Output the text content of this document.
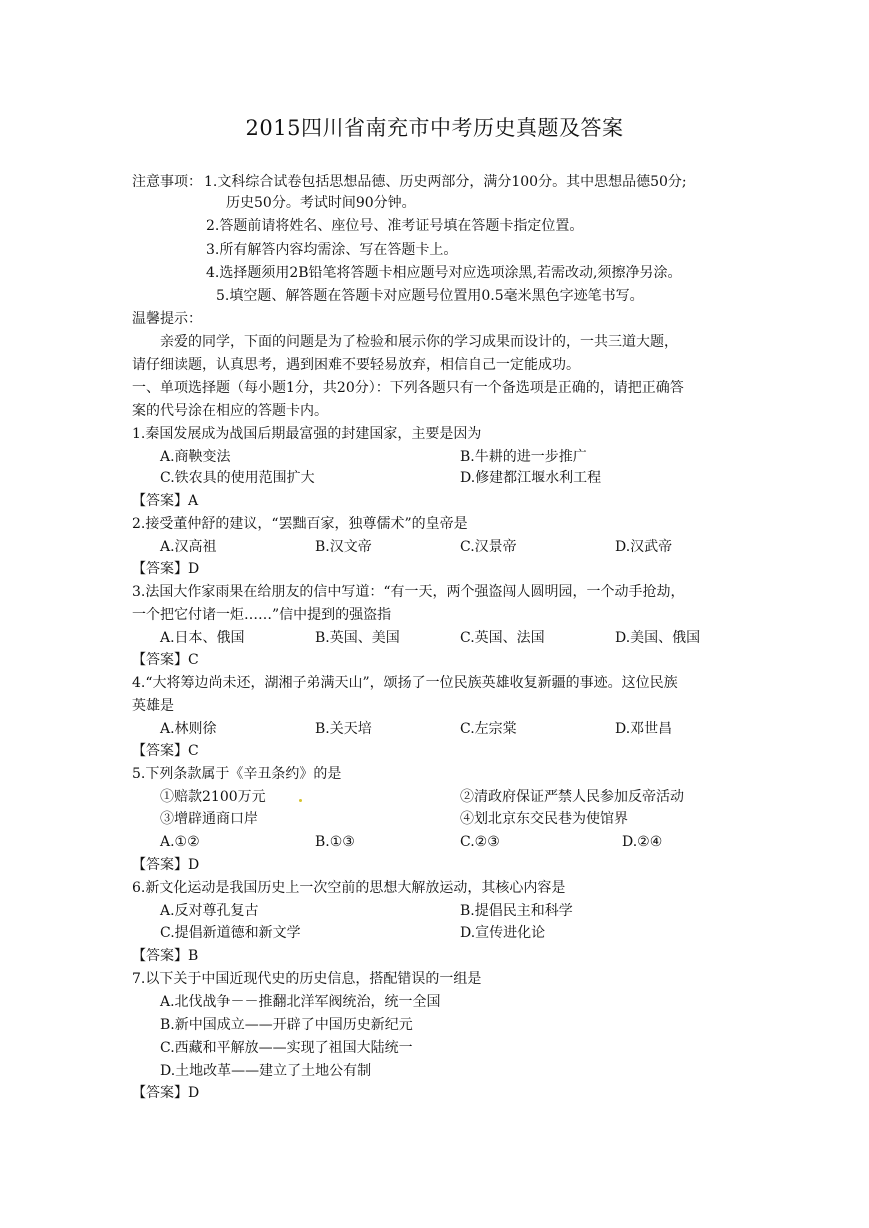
2015四川省南充市中考历史真题及答案
注意事项： 1.文科综合试卷包括思想品德、历史两部分，满分100分。其中思想品德50分;
历史50分。考试时间90分钟。
2.答题前请将姓名、座位号、准考证号填在答题卡指定位置。
3.所有解答内容均需涂、写在答题卡上。
4.选择题须用2B铅笔将答题卡相应题号对应选项涂黑,若需改动,须擦净另涂。
5.填空题、解答题在答题卡对应题号位置用0.5毫米黑色字迹笔书写。
温馨提示：
亲爱的同学，下面的问题是为了检验和展示你的学习成果而设计的，一共三道大题，
请仔细读题，认真思考，遇到困难不要轻易放弃，相信自己一定能成功。
一、单项选择题（每小题1分，共20分）：下列各题只有一个备选项是正确的，请把正确答
案的代号涂在相应的答题卡内。
1.秦国发展成为战国后期最富强的封建国家，主要是因为
A.商鞅变法	B.牛耕的进一步推广
C.铁农具的使用范围扩大	D.修建都江堰水利工程
【答案】A
2.接受董仲舒的建议，“罢黜百家，独尊儒术”的皇帝是
A.汉高祖	B.汉文帝	C.汉景帝	D.汉武帝
【答案】D
3.法国大作家雨果在给朋友的信中写道：“有一天，两个强盗闯人圆明园，一个动手抢劫，
一个把它付诸一炬……”信中提到的强盗指
A.日本、俄国	B.英国、美国	C.英国、法国	D.美国、俄国
【答案】C
4.“大将筹边尚未还，湖湘子弟满天山”，颂扬了一位民族英雄收复新疆的事迹。这位民族
英雄是
A.林则徐	B.关天培	C.左宗棠	D.邓世昌
【答案】C
5.下列条款属于《辛丑条约》的是
①赔款2100万元	②清政府保证严禁人民参加反帝活动
③增辟通商口岸	④划北京东交民巷为使馆界
A.①②	B.①③	C.②③	D.②④
【答案】D
6.新文化运动是我国历史上一次空前的思想大解放运动，其核心内容是
A.反对尊孔复古	B.提倡民主和科学
C.提倡新道德和新文学	D.宣传进化论
【答案】B
7.以下关于中国近现代史的历史信息，搭配错误的一组是
A.北伐战争－－推翻北洋军阀统治，统一全国
B.新中国成立——开辟了中国历史新纪元
C.西藏和平解放——实现了祖国大陆统一
D.土地改革——建立了土地公有制
【答案】D
